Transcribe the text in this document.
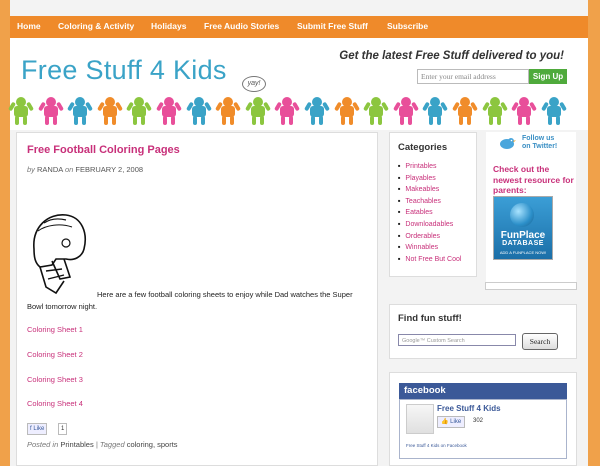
Home Coloring & Activity Holidays Free Audio Stories Submit Free Stuff Subscribe
Free Stuff 4 Kids	yay!
Get the latest Free Stuff delivered to you!
Enter your email address	Sign Up
Free Football Coloring Pages
by RANDA on FEBRUARY 2, 2008
Here are a few football coloring sheets to enjoy while Dad watches the Super Bowl tomorrow night.
Coloring Sheet 1
Coloring Sheet 2
Coloring Sheet 3
Coloring Sheet 4
f Like	1
Posted in Printables | Tagged coloring, sports
Categories
■ Printables
■ Playables
■ Makeables
■ Teachables
■ Eatables
■ Downloadables
■ Orderables
■ Winnables
■ Not Free But Cool
Follow us
on Twitter!
Check out the newest resource for parents:
FunPlace
DATABASE
ADD A FUNPLACE NOW!
Find fun stuff!
Google™ Custom Search	Search
facebook
Free Stuff 4 Kids
👍 Like	302
Free Stuff 4 Kids on Facebook
